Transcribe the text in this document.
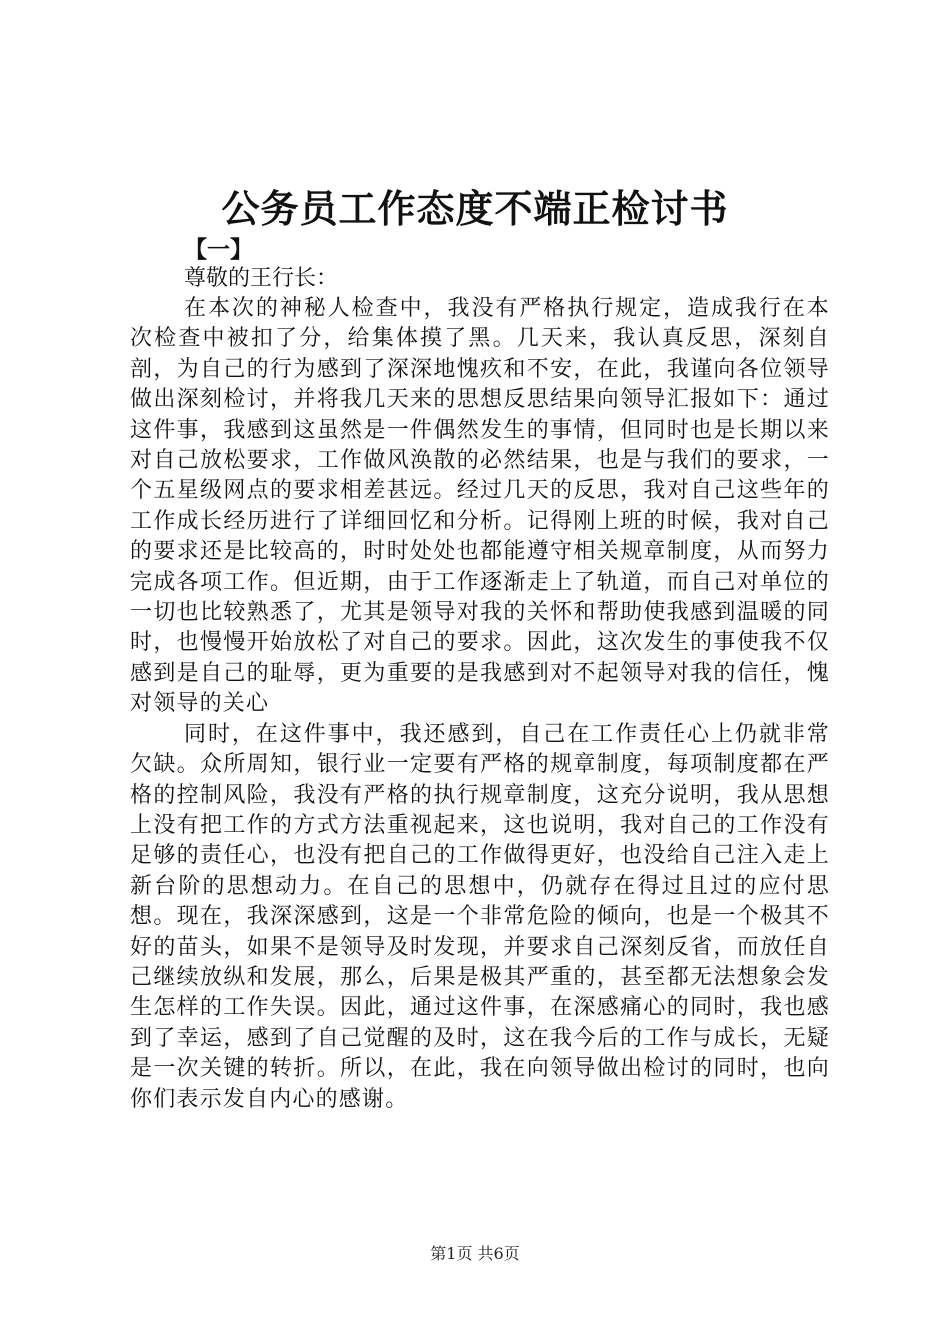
公务员工作态度不端正检讨书
【一】
尊敬的王行长：

在本次的神秘人检查中，我没有严格执行规定，造成我行在本次检查中被扣了分，给集体摸了黑。几天来，我认真反思，深刻自剖，为自己的行为感到了深深地愧疚和不安，在此，我谨向各位领导做出深刻检讨，并将我几天来的思想反思结果向领导汇报如下：通过这件事，我感到这虽然是一件偶然发生的事情，但同时也是长期以来对自己放松要求，工作做风涣散的必然结果，也是与我们的要求，一个五星级网点的要求相差甚远。经过几天的反思，我对自己这些年的工作成长经历进行了详细回忆和分析。记得刚上班的时候，我对自己的要求还是比较高的，时时处处也都能遵守相关规章制度，从而努力完成各项工作。但近期，由于工作逐渐走上了轨道，而自己对单位的一切也比较熟悉了，尤其是领导对我的关怀和帮助使我感到温暖的同时，也慢慢开始放松了对自己的要求。因此，这次发生的事使我不仅感到是自己的耻辱，更为重要的是我感到对不起领导对我的信任，愧对领导的关心

同时，在这件事中，我还感到，自己在工作责任心上仍就非常欠缺。众所周知，银行业一定要有严格的规章制度，每项制度都在严格的控制风险，我没有严格的执行规章制度，这充分说明，我从思想上没有把工作的方式方法重视起来，这也说明，我对自己的工作没有足够的责任心，也没有把自己的工作做得更好，也没给自己注入走上新台阶的思想动力。在自己的思想中，仍就存在得过且过的应付思想。现在，我深深感到，这是一个非常危险的倾向，也是一个极其不好的苗头，如果不是领导及时发现，并要求自己深刻反省，而放任自己继续放纵和发展，那么，后果是极其严重的，甚至都无法想象会发生怎样的工作失误。因此，通过这件事，在深感痛心的同时，我也感到了幸运，感到了自己觉醒的及时，这在我今后的工作与成长，无疑是一次关键的转折。所以，在此，我在向领导做出检讨的同时，也向你们表示发自内心的感谢。

第1页 共6页
